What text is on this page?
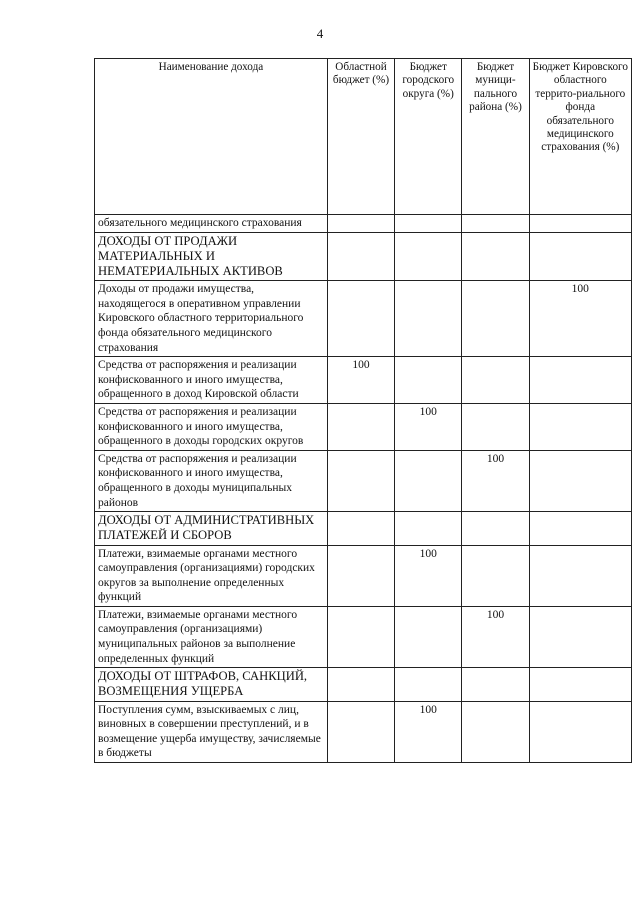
4
Наименование дохода	Областной бюджет (%)	Бюджет городского округа (%)	Бюджет муници-пального района (%)	Бюджет Кировского областного террито-риального фонда обязательного медицинского страхования (%)
обязательного медицинского страхования				
ДОХОДЫ ОТ ПРОДАЖИ МАТЕРИАЛЬНЫХ И НЕМАТЕРИАЛЬНЫХ АКТИВОВ				
Доходы от продажи имущества, находящегося в оперативном управлении Кировского областного территориального фонда обязательного медицинского страхования				100
Средства от распоряжения и реализации конфискованного и иного имущества, обращенного в доход Кировской области	100			
Средства от распоряжения и реализации конфискованного и иного имущества, обращенного в доходы городских округов		100		
Средства от распоряжения и реализации конфискованного и иного имущества, обращенного в доходы муниципальных районов			100	
ДОХОДЫ ОТ АДМИНИСТРАТИВНЫХ ПЛАТЕЖЕЙ И СБОРОВ				
Платежи, взимаемые органами местного самоуправления (организациями) городских округов за выполнение определенных функций		100		
Платежи, взимаемые органами местного самоуправления (организациями) муниципальных районов за выполнение определенных функций			100	
ДОХОДЫ ОТ ШТРАФОВ, САНКЦИЙ, ВОЗМЕЩЕНИЯ УЩЕРБА				
Поступления сумм, взыскиваемых с лиц, виновных в совершении преступлений, и в возмещение ущерба имуществу, зачисляемые в бюджеты		100		
